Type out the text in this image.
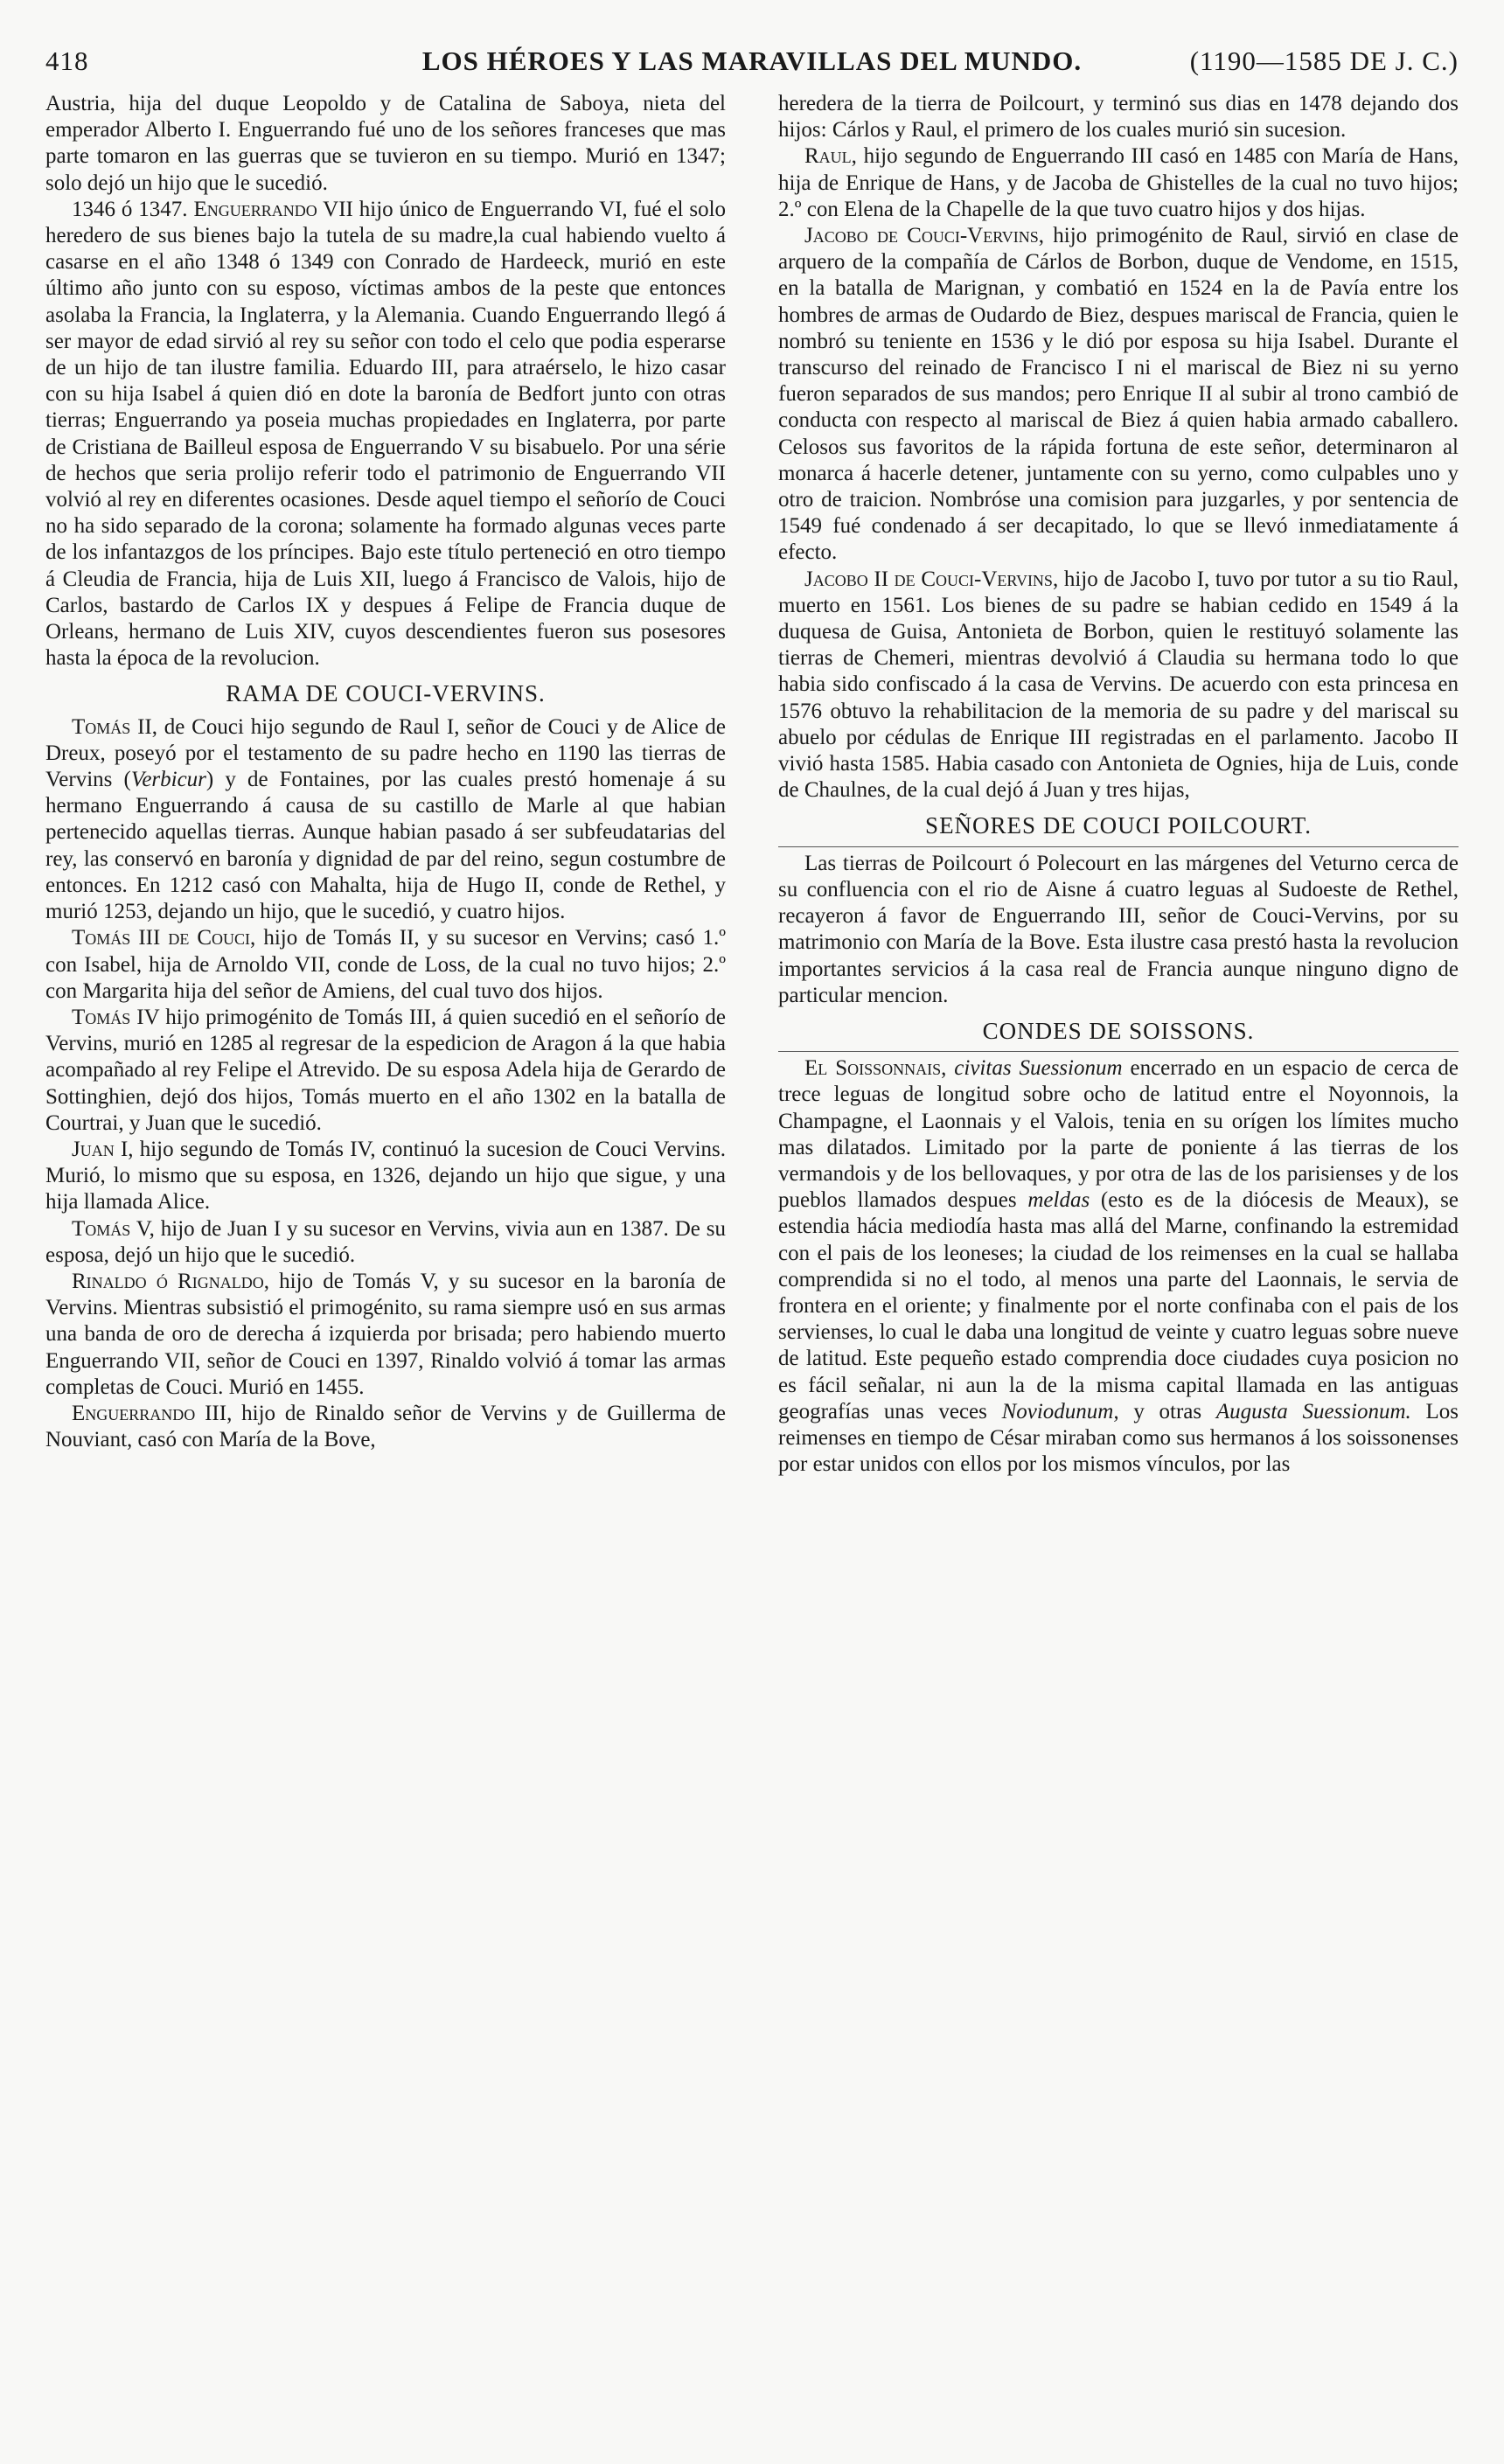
418	LOS HÉROES Y LAS MARAVILLAS DEL MUNDO.	(1190—1585 DE J. C.)

Austria, hija del duque Leopoldo y de Catalina de Saboya, nieta del emperador Alberto I. Enguerrando fué uno de los señores franceses que mas parte tomaron en las guerras que se tuvieron en su tiempo. Murió en 1347; solo dejó un hijo que le sucedió.

1346 ó 1347. Enguerrando VII hijo único de Enguerrando VI, fué el solo heredero de sus bienes bajo la tutela de su madre,la cual habiendo vuelto á casarse en el año 1348 ó 1349 con Conrado de Hardeeck, murió en este último año junto con su esposo, víctimas ambos de la peste que entonces asolaba la Francia, la Inglaterra, y la Alemania. Cuando Enguerrando llegó á ser mayor de edad sirvió al rey su señor con todo el celo que podia esperarse de un hijo de tan ilustre familia. Eduardo III, para atraérselo, le hizo casar con su hija Isabel á quien dió en dote la baronía de Bedfort junto con otras tierras; Enguerrando ya poseia muchas propiedades en Inglaterra, por parte de Cristiana de Bailleul esposa de Enguerrando V su bisabuelo. Por una série de hechos que seria prolijo referir todo el patrimonio de Enguerrando VII volvió al rey en diferentes ocasiones. Desde aquel tiempo el señorío de Couci no ha sido separado de la corona; solamente ha formado algunas veces parte de los infantazgos de los príncipes. Bajo este título perteneció en otro tiempo á Cleudia de Francia, hija de Luis XII, luego á Francisco de Valois, hijo de Carlos, bastardo de Carlos IX y despues á Felipe de Francia duque de Orleans, hermano de Luis XIV, cuyos descendientes fueron sus posesores hasta la época de la revolucion.

RAMA DE COUCI-VERVINS.

Tomás II, de Couci hijo segundo de Raul I, señor de Couci y de Alice de Dreux, poseyó por el testamento de su padre hecho en 1190 las tierras de Vervins (Verbicur) y de Fontaines, por las cuales prestó homenaje á su hermano Enguerrando á causa de su castillo de Marle al que habian pertenecido aquellas tierras. Aunque habian pasado á ser subfeudatarias del rey, las conservó en baronía y dignidad de par del reino, segun costumbre de entonces. En 1212 casó con Mahalta, hija de Hugo II, conde de Rethel, y murió 1253, dejando un hijo, que le sucedió, y cuatro hijos.

Tomás III de Couci, hijo de Tomás II, y su sucesor en Vervins; casó 1.º con Isabel, hija de Arnoldo VII, conde de Loss, de la cual no tuvo hijos; 2.º con Margarita hija del señor de Amiens, del cual tuvo dos hijos.

Tomás IV hijo primogénito de Tomás III, á quien sucedió en el señorío de Vervins, murió en 1285 al regresar de la espedicion de Aragon á la que habia acompañado al rey Felipe el Atrevido. De su esposa Adela hija de Gerardo de Sottinghien, dejó dos hijos, Tomás muerto en el año 1302 en la batalla de Courtrai, y Juan que le sucedió.

Juan I, hijo segundo de Tomás IV, continuó la sucesion de Couci Vervins. Murió, lo mismo que su esposa, en 1326, dejando un hijo que sigue, y una hija llamada Alice.

Tomás V, hijo de Juan I y su sucesor en Vervins, vivia aun en 1387. De su esposa, dejó un hijo que le sucedió.

Rinaldo ó Rignaldo, hijo de Tomás V, y su sucesor en la baronía de Vervins. Mientras subsistió el primogénito, su rama siempre usó en sus armas una banda de oro de derecha á izquierda por brisada; pero habiendo muerto Enguerrando VII, señor de Couci en 1397, Rinaldo volvió á tomar las armas completas de Couci. Murió en 1455.

Enguerrando III, hijo de Rinaldo señor de Vervins y de Guillerma de Nouviant, casó con María de la Bove,

heredera de la tierra de Poilcourt, y terminó sus dias en 1478 dejando dos hijos: Cárlos y Raul, el primero de los cuales murió sin sucesion.

Raul, hijo segundo de Enguerrando III casó en 1485 con María de Hans, hija de Enrique de Hans, y de Jacoba de Ghistelles de la cual no tuvo hijos; 2.º con Elena de la Chapelle de la que tuvo cuatro hijos y dos hijas.

Jacobo de Couci-Vervins, hijo primogénito de Raul, sirvió en clase de arquero de la compañía de Cárlos de Borbon, duque de Vendome, en 1515, en la batalla de Marignan, y combatió en 1524 en la de Pavía entre los hombres de armas de Oudardo de Biez, despues mariscal de Francia, quien le nombró su teniente en 1536 y le dió por esposa su hija Isabel. Durante el transcurso del reinado de Francisco I ni el mariscal de Biez ni su yerno fueron separados de sus mandos; pero Enrique II al subir al trono cambió de conducta con respecto al mariscal de Biez á quien habia armado caballero. Celosos sus favoritos de la rápida fortuna de este señor, determinaron al monarca á hacerle detener, juntamente con su yerno, como culpables uno y otro de traicion. Nombróse una comision para juzgarles, y por sentencia de 1549 fué condenado á ser decapitado, lo que se llevó inmediatamente á efecto.

Jacobo II de Couci-Vervins, hijo de Jacobo I, tuvo por tutor a su tio Raul, muerto en 1561. Los bienes de su padre se habian cedido en 1549 á la duquesa de Guisa, Antonieta de Borbon, quien le restituyó solamente las tierras de Chemeri, mientras devolvió á Claudia su hermana todo lo que habia sido confiscado á la casa de Vervins. De acuerdo con esta princesa en 1576 obtuvo la rehabilitacion de la memoria de su padre y del mariscal su abuelo por cédulas de Enrique III registradas en el parlamento. Jacobo II vivió hasta 1585. Habia casado con Antonieta de Ognies, hija de Luis, conde de Chaulnes, de la cual dejó á Juan y tres hijas,

SEÑORES DE COUCI POILCOURT.

Las tierras de Poilcourt ó Polecourt en las márgenes del Veturno cerca de su confluencia con el rio de Aisne á cuatro leguas al Sudoeste de Rethel, recayeron á favor de Enguerrando III, señor de Couci-Vervins, por su matrimonio con María de la Bove. Esta ilustre casa prestó hasta la revolucion importantes servicios á la casa real de Francia aunque ninguno digno de particular mencion.

CONDES DE SOISSONS.

El Soissonnais, civitas Suessionum encerrado en un espacio de cerca de trece leguas de longitud sobre ocho de latitud entre el Noyonnois, la Champagne, el Laonnais y el Valois, tenia en su orígen los límites mucho mas dilatados. Limitado por la parte de poniente á las tierras de los vermandois y de los bellovaques, y por otra de las de los parisienses y de los pueblos llamados despues meldas (esto es de la diócesis de Meaux), se estendia hácia mediodía hasta mas allá del Marne, confinando la estremidad con el pais de los leoneses; la ciudad de los reimenses en la cual se hallaba comprendida si no el todo, al menos una parte del Laonnais, le servia de frontera en el oriente; y finalmente por el norte confinaba con el pais de los servienses, lo cual le daba una longitud de veinte y cuatro leguas sobre nueve de latitud. Este pequeño estado comprendia doce ciudades cuya posicion no es fácil señalar, ni aun la de la misma capital llamada en las antiguas geografías unas veces Noviodunum, y otras Augusta Suessionum. Los reimenses en tiempo de César miraban como sus hermanos á los soissonenses por estar unidos con ellos por los mismos vínculos, por las
